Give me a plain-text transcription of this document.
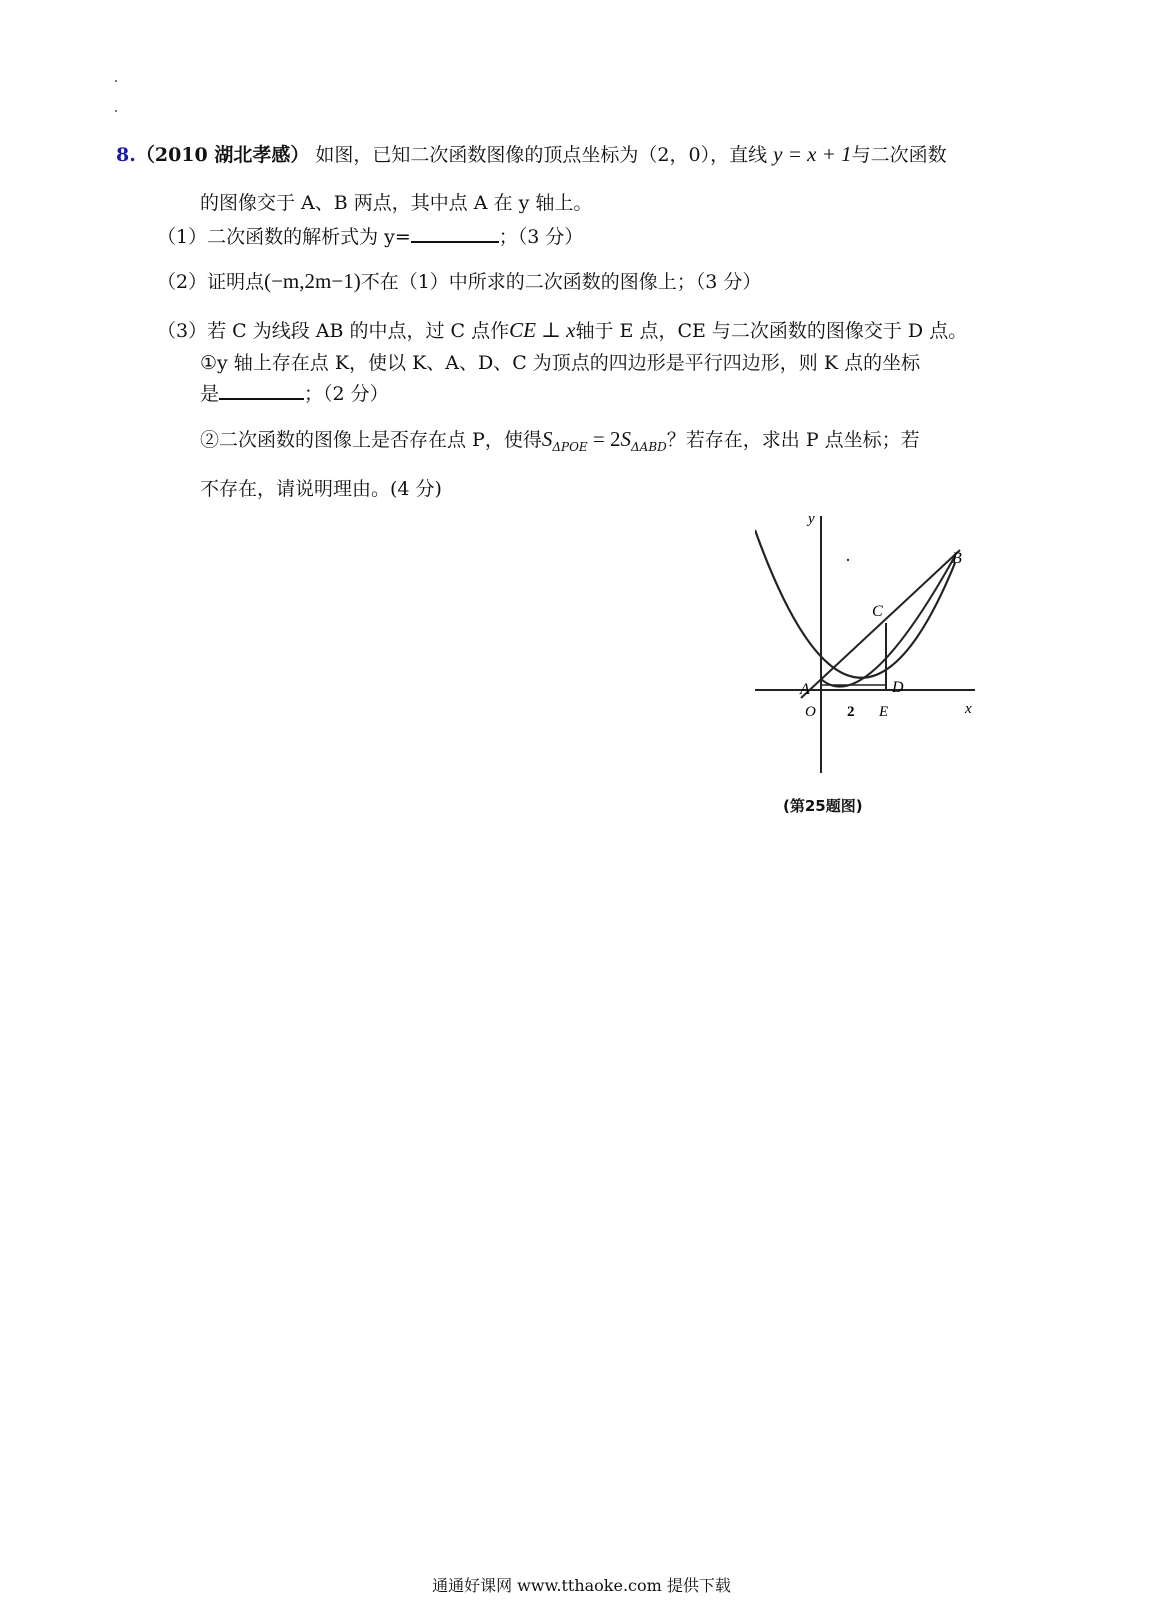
8.（2010 湖北孝感） 如图，已知二次函数图像的顶点坐标为（2，0），直线 y = x + 1与二次函数
的图像交于 A、B 两点，其中点 A 在 y 轴上。
（1）二次函数的解析式为 y=	；（3 分）
（2）证明点(−m,2m−1)不在（1）中所求的二次函数的图像上；（3 分）
（3）若 C 为线段 AB 的中点，过 C 点作CE ⊥ x轴于 E 点，CE 与二次函数的图像交于 D 点。
①y 轴上存在点 K，使以 K、A、D、C 为顶点的四边形是平行四边形，则 K 点的坐标
是	；（2 分）
②二次函数的图像上是否存在点 P，使得$S_{\Delta POE} = 2S_{\Delta ABD}$？若存在，求出 P 点坐标；若
不存在，请说明理由。(4 分)
y
x
B
C
D
A
O 2 E
(第25题图)
通通好课网 www.tthaoke.com 提供下载
